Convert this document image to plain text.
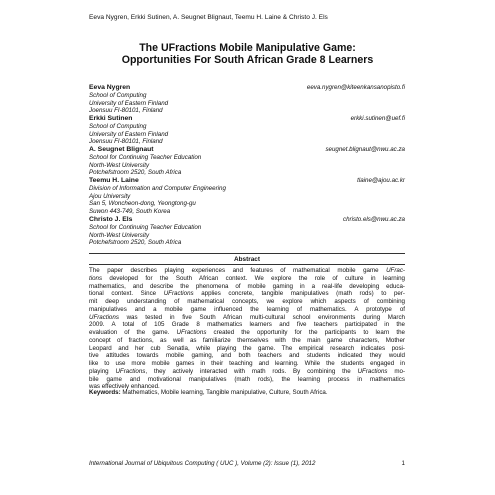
Eeva Nygren, Erkki Sutinen, A. Seugnet Blignaut, Teemu H. Laine & Christo J. Els
The UFractions Mobile Manipulative Game:
Opportunities For South African Grade 8 Learners
Eeva Nygren
School of Computing
University of Eastern Finland
Joensuu FI-80101, Finland
eeva.nygren@kiteenkansanopisto.fi
Erkki Sutinen
School of Computing
University of Eastern Finland
Joensuu FI-80101, Finland
erkki.sutinen@uef.fi
A. Seugnet Blignaut
School for Continuing Teacher Education
North-West University
Potchefstroom 2520, South Africa
seugnet.blignaut@nwu.ac.za
Teemu H. Laine
Division of Information and Computer Engineering
Ajou University
San 5, Woncheon-dong, Yeongtong-gu
Suwon 443-749, South Korea
tlaine@ajou.ac.kr
Christo J. Els
School for Continuing Teacher Education
North-West University
Potchefstroom 2520, South Africa
christo.els@nwu.ac.za
Abstract
The paper describes playing experiences and features of mathematical mobile game UFrac-
tions developed for the South African context. We explore the role of culture in learning
mathematics, and describe the phenomena of mobile gaming in a real-life developing educa-
tional context. Since UFractions applies concrete, tangible manipulatives (math rods) to per-
mit deep understanding of mathematical concepts, we explore which aspects of combining
manipulatives and a mobile game influenced the learning of mathematics. A prototype of
UFractions was tested in five South African multi-cultural school environments during March
2009. A total of 105 Grade 8 mathematics learners and five teachers participated in the
evaluation of the game. UFractions created the opportunity for the participants to learn the
concept of fractions, as well as familiarize themselves with the main game characters, Mother
Leopard and her cub Senatla, while playing the game. The empirical research indicates posi-
tive attitudes towards mobile gaming, and both teachers and students indicated they would
like to use more mobile games in their teaching and learning. While the students engaged in
playing UFractions, they actively interacted with math rods. By combining the UFractions mo-
bile game and motivational manipulatives (math rods), the learning process in mathematics
was effectively enhanced.
Keywords: Mathematics, Mobile learning, Tangible manipulative, Culture, South Africa.
International Journal of Ubiquitous Computing ( UUC ), Volume (2): Issue (1), 2012	1
